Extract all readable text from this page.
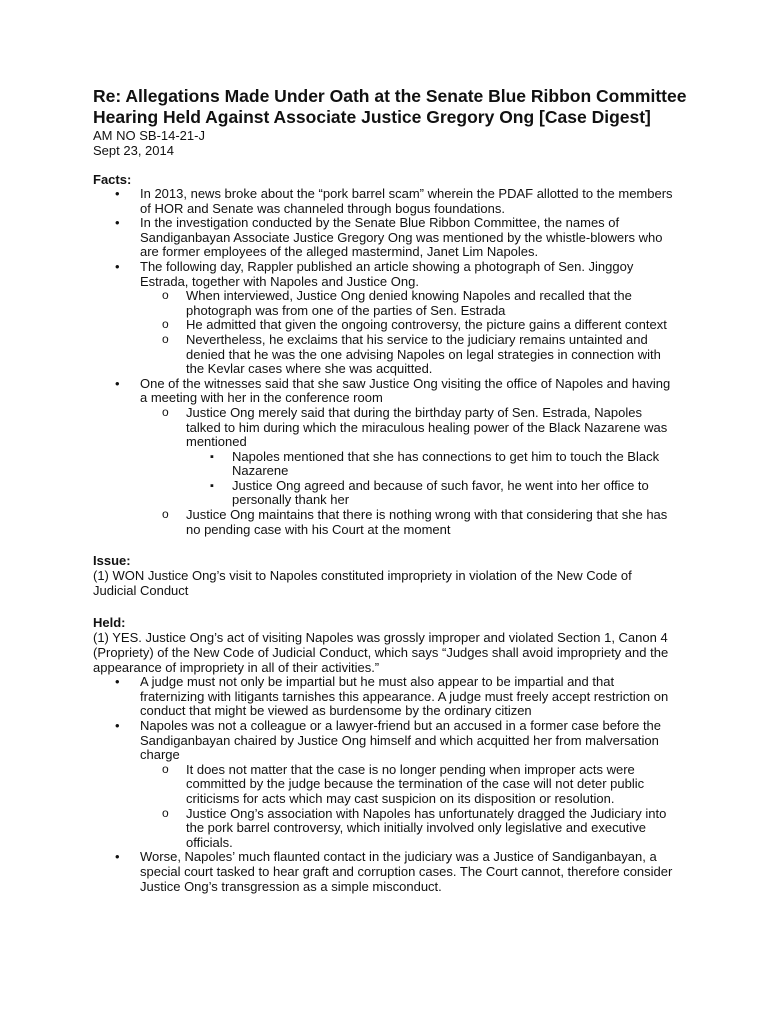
Re: Allegations Made Under Oath at the Senate Blue Ribbon Committee Hearing Held Against Associate Justice Gregory Ong [Case Digest]

AM NO SB-14-21-J

Sept 23, 2014

Facts:

• In 2013, news broke about the “pork barrel scam” wherein the PDAF allotted to the members of HOR and Senate was channeled through bogus foundations.
• In the investigation conducted by the Senate Blue Ribbon Committee, the names of Sandiganbayan Associate Justice Gregory Ong was mentioned by the whistle-blowers who are former employees of the alleged mastermind, Janet Lim Napoles.
• The following day, Rappler published an article showing a photograph of Sen. Jinggoy Estrada, together with Napoles and Justice Ong.
o When interviewed, Justice Ong denied knowing Napoles and recalled that the photograph was from one of the parties of Sen. Estrada
o He admitted that given the ongoing controversy, the picture gains a different context
o Nevertheless, he exclaims that his service to the judiciary remains untainted and denied that he was the one advising Napoles on legal strategies in connection with the Kevlar cases where she was acquitted.
• One of the witnesses said that she saw Justice Ong visiting the office of Napoles and having a meeting with her in the conference room
o Justice Ong merely said that during the birthday party of Sen. Estrada, Napoles talked to him during which the miraculous healing power of the Black Nazarene was mentioned
▪ Napoles mentioned that she has connections to get him to touch the Black Nazarene
▪ Justice Ong agreed and because of such favor, he went into her office to personally thank her
o Justice Ong maintains that there is nothing wrong with that considering that she has no pending case with his Court at the moment

Issue:

(1) WON Justice Ong’s visit to Napoles constituted impropriety in violation of the New Code of Judicial Conduct

Held:

(1) YES. Justice Ong’s act of visiting Napoles was grossly improper and violated Section 1, Canon 4 (Propriety) of the New Code of Judicial Conduct, which says “Judges shall avoid impropriety and the appearance of impropriety in all of their activities.”

• A judge must not only be impartial but he must also appear to be impartial and that fraternizing with litigants tarnishes this appearance. A judge must freely accept restriction on conduct that might be viewed as burdensome by the ordinary citizen
• Napoles was not a colleague or a lawyer-friend but an accused in a former case before the Sandiganbayan chaired by Justice Ong himself and which acquitted her from malversation charge
o It does not matter that the case is no longer pending when improper acts were committed by the judge because the termination of the case will not deter public criticisms for acts which may cast suspicion on its disposition or resolution.
o Justice Ong’s association with Napoles has unfortunately dragged the Judiciary into the pork barrel controversy, which initially involved only legislative and executive officials.
• Worse, Napoles’ much flaunted contact in the judiciary was a Justice of Sandiganbayan, a special court tasked to hear graft and corruption cases. The Court cannot, therefore consider Justice Ong’s transgression as a simple misconduct.
